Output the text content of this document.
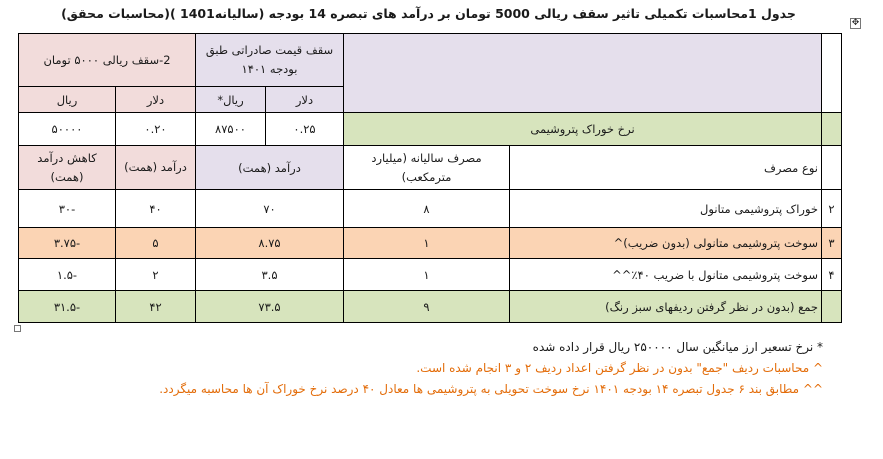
جدول 1محاسبات تکمیلی تاثیر سقف ریالی 5000 تومان بر درآمد های تبصره 14 بودجه (سالیانه1401 )(محاسبات محقق)
✥
2-سقف ریالی ۵۰۰۰ تومان		سقف قیمت صادراتی طبق بودجه ۱۴۰۱				
ریال	دلار	ریال*	دلار			
۵۰۰۰۰	۰.۲۰	۸۷۵۰۰	۰.۲۵	نرخ خوراک پتروشیمی		
کاهش درآمد (همت)	درآمد (همت)	درآمد (همت)		مصرف سالیانه (میلیارد مترمکعب)	نوع مصرف	
-۳۰	۴۰	۷۰		۸	خوراک پتروشیمی متانول	۲
-۳.۷۵	۵	۸.۷۵		۱	سوخت پتروشیمی متانولی (بدون ضریب)^	۳
-۱.۵	۲	۳.۵		۱	سوخت پتروشیمی متانول با ضریب ۴۰٪^^	۴
-۳۱.۵	۴۲	۷۳.۵		۹	جمع (بدون در نظر گرفتن ردیفهای سبز رنگ)	
* نرخ تسعیر ارز میانگین سال ۲۵۰۰۰۰ ریال قرار داده شده
^ محاسبات ردیف "جمع" بدون در نظر گرفتن اعداد ردیف ۲ و ۳ انجام شده است.
^^ مطابق بند ۶ جدول تبصره ۱۴ بودجه ۱۴۰۱ نرخ سوخت تحویلی به پتروشیمی ها معادل ۴۰ درصد نرخ خوراک آن ها محاسبه میگردد.
